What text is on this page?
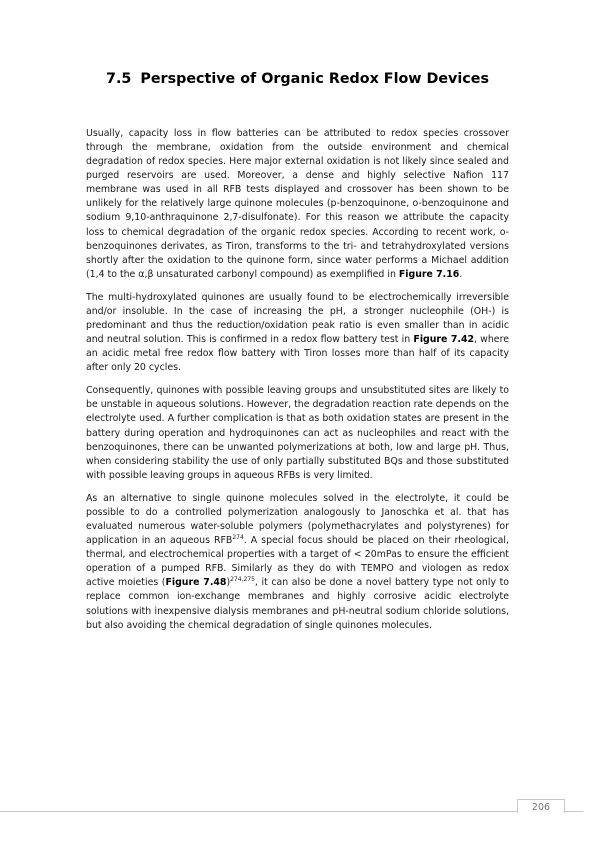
7.5 Perspective of Organic Redox Flow Devices

Usually, capacity loss in flow batteries can be attributed to redox species crossover through the membrane, oxidation from the outside environment and chemical degradation of redox species. Here major external oxidation is not likely since sealed and purged reservoirs are used. Moreover, a dense and highly selective Nafion 117 membrane was used in all RFB tests displayed and crossover has been shown to be unlikely for the relatively large quinone molecules (p-benzoquinone, o-benzoquinone and sodium 9,10-anthraquinone 2,7-disulfonate). For this reason we attribute the capacity loss to chemical degradation of the organic redox species. According to recent work, o-benzoquinones derivates, as Tiron, transforms to the tri- and tetrahydroxylated versions shortly after the oxidation to the quinone form, since water performs a Michael addition (1,4 to the α,β unsaturated carbonyl compound) as exemplified in Figure 7.16.

The multi-hydroxylated quinones are usually found to be electrochemically irreversible and/or insoluble. In the case of increasing the pH, a stronger nucleophile (OH-) is predominant and thus the reduction/oxidation peak ratio is even smaller than in acidic and neutral solution. This is confirmed in a redox flow battery test in Figure 7.42, where an acidic metal free redox flow battery with Tiron losses more than half of its capacity after only 20 cycles.

Consequently, quinones with possible leaving groups and unsubstituted sites are likely to be unstable in aqueous solutions. However, the degradation reaction rate depends on the electrolyte used. A further complication is that as both oxidation states are present in the battery during operation and hydroquinones can act as nucleophiles and react with the benzoquinones, there can be unwanted polymerizations at both, low and large pH. Thus, when considering stability the use of only partially substituted BQs and those substituted with possible leaving groups in aqueous RFBs is very limited.

As an alternative to single quinone molecules solved in the electrolyte, it could be possible to do a controlled polymerization analogously to Janoschka et al. that has evaluated numerous water-soluble polymers (polymethacrylates and polystyrenes) for application in an aqueous RFB$^{274}$. A special focus should be placed on their rheological, thermal, and electrochemical properties with a target of < 20mPas to ensure the efficient operation of a pumped RFB. Similarly as they do with TEMPO and viologen as redox active moieties (Figure 7.48)$^{274,275}$, it can also be done a novel battery type not only to replace common ion-exchange membranes and highly corrosive acidic electrolyte solutions with inexpensive dialysis membranes and pH-neutral sodium chloride solutions, but also avoiding the chemical degradation of single quinones molecules.

206
